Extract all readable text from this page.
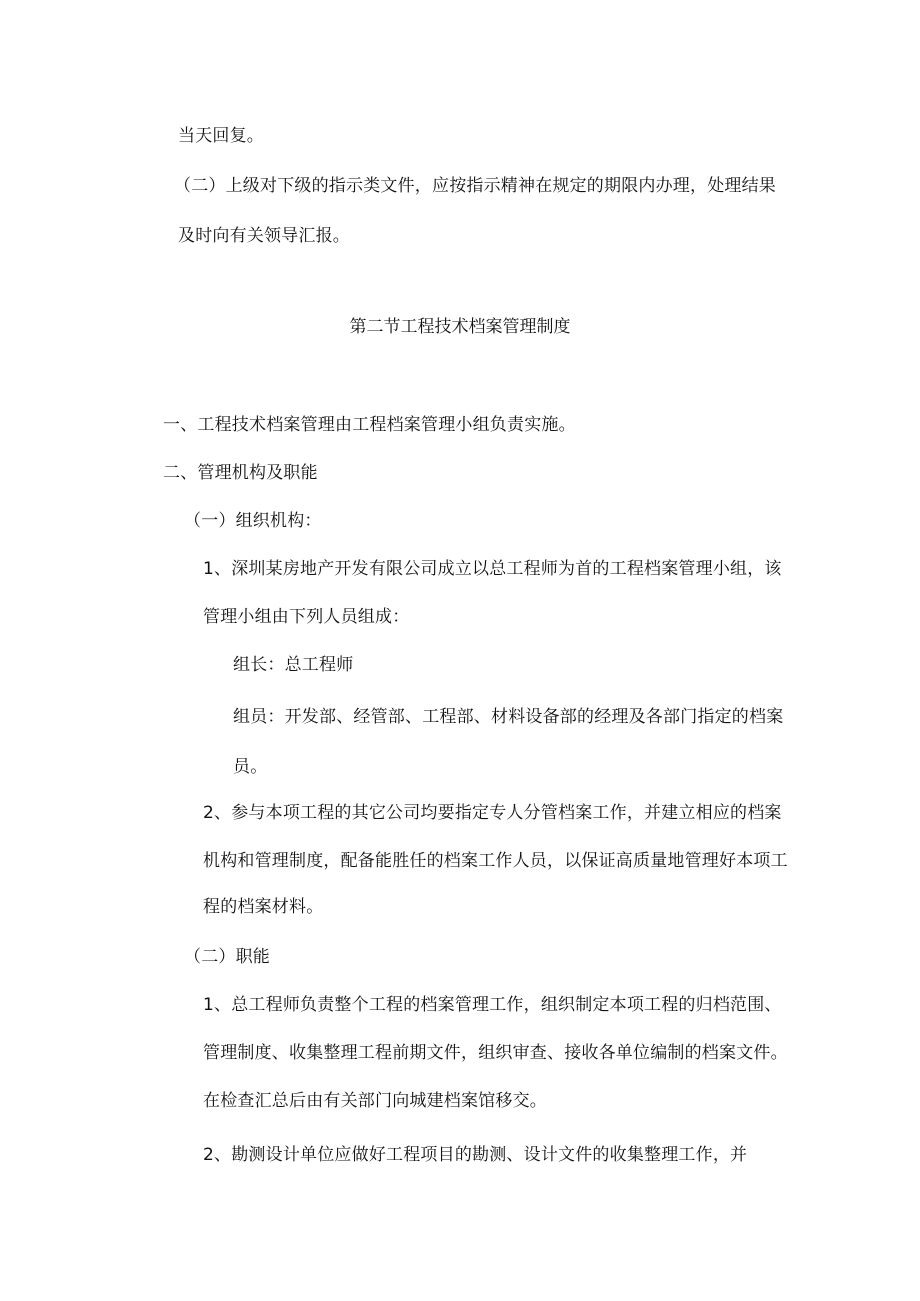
当天回复。
（二）上级对下级的指示类文件，应按指示精神在规定的期限内办理，处理结果
及时向有关领导汇报。
第二节工程技术档案管理制度
一、工程技术档案管理由工程档案管理小组负责实施。
二、管理机构及职能
（一）组织机构：
1、深圳某房地产开发有限公司成立以总工程师为首的工程档案管理小组，该
管理小组由下列人员组成：
组长：总工程师
组员：开发部、经管部、工程部、材料设备部的经理及各部门指定的档案
员。
2、参与本项工程的其它公司均要指定专人分管档案工作，并建立相应的档案
机构和管理制度，配备能胜任的档案工作人员，以保证高质量地管理好本项工
程的档案材料。
（二）职能
1、总工程师负责整个工程的档案管理工作，组织制定本项工程的归档范围、
管理制度、收集整理工程前期文件，组织审查、接收各单位编制的档案文件。
在检查汇总后由有关部门向城建档案馆移交。
2、勘测设计单位应做好工程项目的勘测、设计文件的收集整理工作，并
